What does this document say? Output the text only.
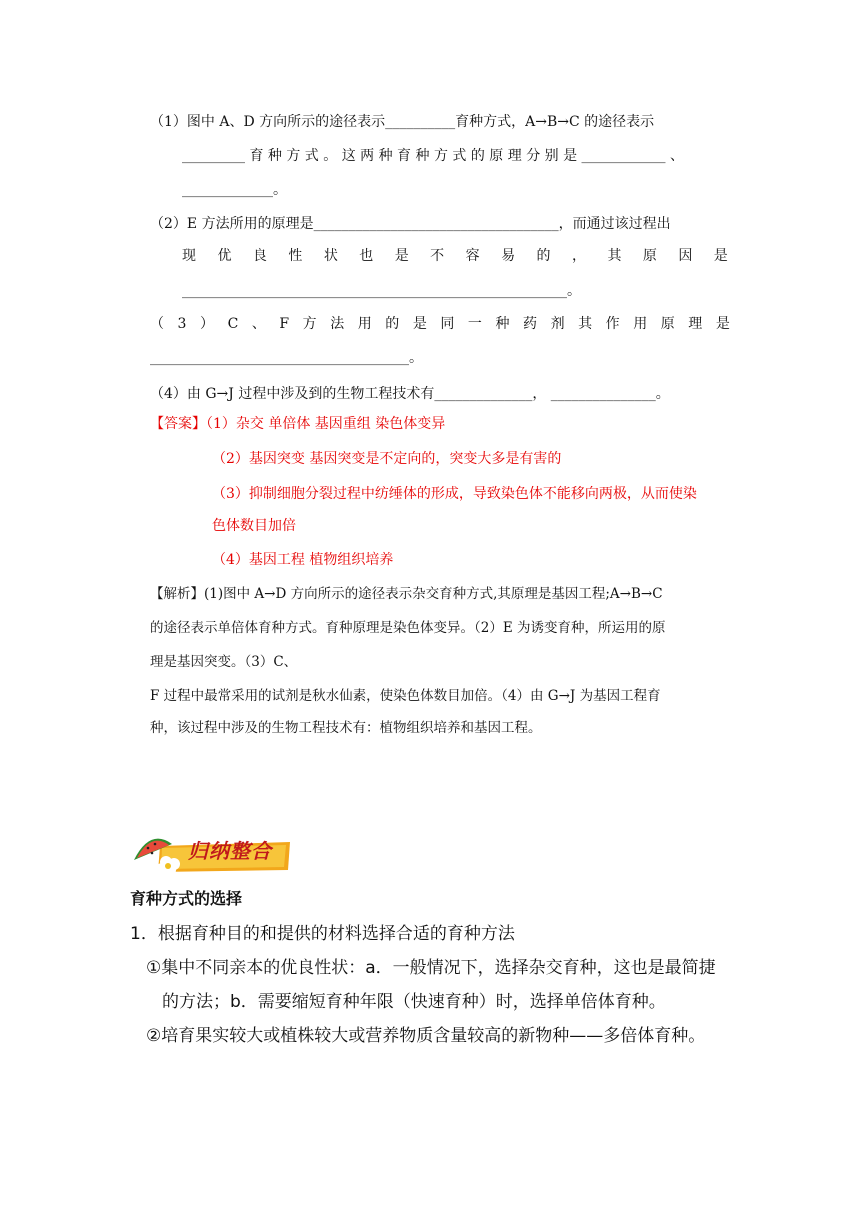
（1）图中 A、D 方向所示的途径表示__________育种方式，A→B→C 的途径表示
_________ 育 种 方 式 。 这 两 种 育 种 方 式 的 原 理 分 别 是 ____________ 、
_____________。
（2）E 方法所用的原理是___________________________________，而通过该过程出
现 优 良 性 状 也 是 不 容 易 的 ， 其 原 因 是
_______________________________________________________。
（ 3 ） C 、 F 方 法 用 的 是 同 一 种 药 剂 其 作 用 原 理 是
_____________________________________。
（4）由 G→J 过程中涉及到的生物工程技术有______________， _______________。
【答案】（1）杂交 单倍体 基因重组 染色体变异
（2）基因突变 基因突变是不定向的，突变大多是有害的
（3）抑制细胞分裂过程中纺缍体的形成，导致染色体不能移向两极，从而使染
色体数目加倍
（4）基因工程 植物组织培养
【解析】(1)图中 A→D 方向所示的途径表示杂交育种方式,其原理是基因工程;A→B→C
的途径表示单倍体育种方式。育种原理是染色体变异。（2）E 为诱变育种，所运用的原
理是基因突变。（3）C、
F 过程中最常采用的试剂是秋水仙素，使染色体数目加倍。（4）由 G→J 为基因工程育
种，该过程中涉及的生物工程技术有：植物组织培养和基因工程。
归纳整合
育种方式的选择
1．根据育种目的和提供的材料选择合适的育种方法
①集中不同亲本的优良性状：a．一般情况下，选择杂交育种，这也是最简捷
的方法；b．需要缩短育种年限（快速育种）时，选择单倍体育种。
②培育果实较大或植株较大或营养物质含量较高的新物种——多倍体育种。
